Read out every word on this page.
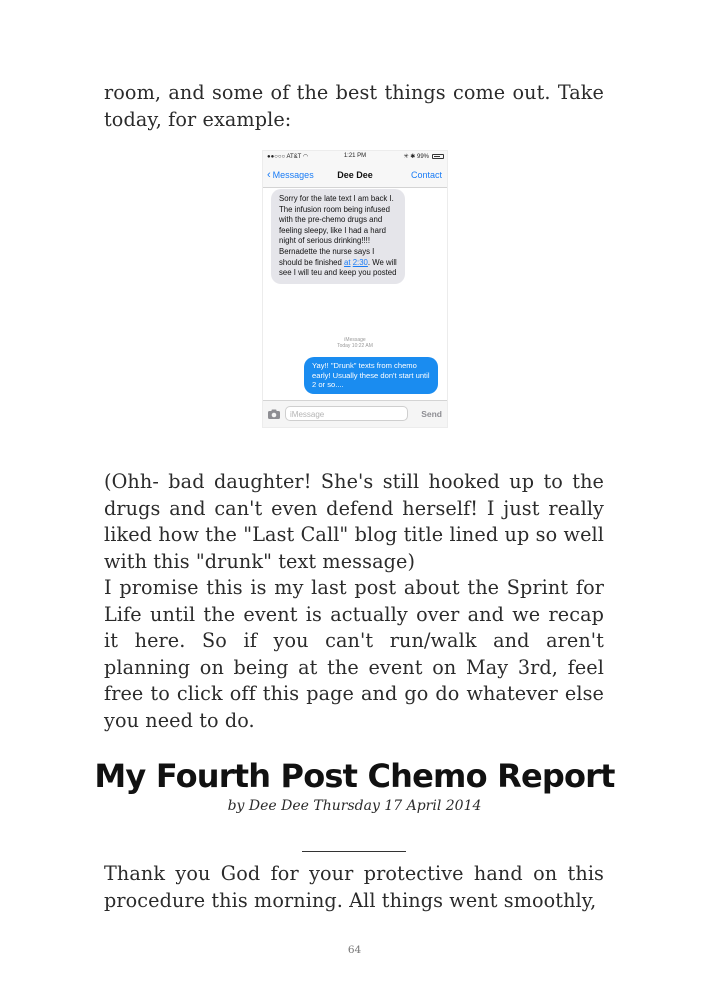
room, and some of the best things come out. Take today, for example:

●●○○○ AT&T ◠	1:21 PM	✳ ✱ 99%
‹ Messages	Dee Dee	Contact
Sorry for the late text I am back I. The infusion room being infused with the pre-chemo drugs and feeling sleepy, like I had a hard night of serious drinking!!!! Bernadette the nurse says I should be finished at 2:30. We will see I will teu and keep you posted
iMessage
Today 10:22 AM
Yay!! "Drunk" texts from chemo early! Usually these don't start until 2 or so....
iMessage	Send

(Ohh- bad daughter! She's still hooked up to the drugs and can't even defend herself! I just really liked how the "Last Call" blog title lined up so well with this "drunk" text message)

I promise this is my last post about the Sprint for Life until the event is actually over and we recap it here. So if you can't run/walk and aren't planning on being at the event on May 3rd, feel free to click off this page and go do whatever else you need to do.

My Fourth Post Chemo Report
by Dee Dee Thursday 17 April 2014

Thank you God for your protective hand on this procedure this morning. All things went smoothly,

64
